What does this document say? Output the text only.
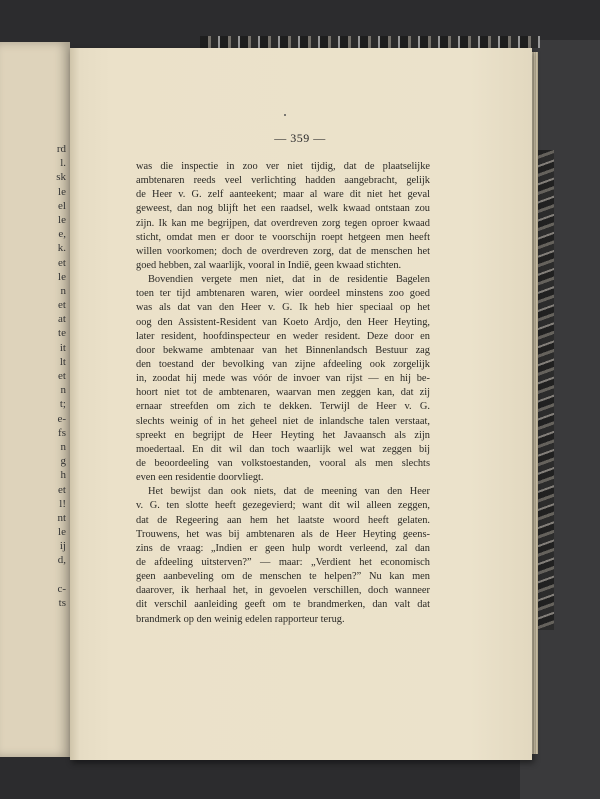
rd
l.
sk
le
el
le
e,
k.
et
le
n
et
at
te
it
lt
et
n
t;
e-
fs
n
g
h
et
l!
nt
le
ij
d,
c-
ts
— 359 —
was die inspectie in zoo ver niet tijdig, dat de plaatselijke
ambtenaren reeds veel verlichting hadden aangebracht, gelijk
de Heer v. G. zelf aanteekent; maar al ware dit niet het geval
geweest, dan nog blijft het een raadsel, welk kwaad ontstaan zou
zijn. Ik kan me begrijpen, dat overdreven zorg tegen oproer kwaad
sticht, omdat men er door te voorschijn roept hetgeen men heeft
willen voorkomen; doch de overdreven zorg, dat de menschen het
goed hebben, zal waarlijk, vooral in Indië, geen kwaad stichten.
Bovendien vergete men niet, dat in de residentie Bagelen
toen ter tijd ambtenaren waren, wier oordeel minstens zoo goed
was als dat van den Heer v. G. Ik heb hier speciaal op het
oog den Assistent-Resident van Koeto Ardjo, den Heer Heyting,
later resident, hoofdinspecteur en weder resident. Deze door en
door bekwame ambtenaar van het Binnenlandsch Bestuur zag
den toestand der bevolking van zijne afdeeling ook zorgelijk
in, zoodat hij mede was vóór de invoer van rijst — en hij be-
hoort niet tot de ambtenaren, waarvan men zeggen kan, dat zij
ernaar streefden om zich te dekken. Terwijl de Heer v. G.
slechts weinig of in het geheel niet de inlandsche talen verstaat,
spreekt en begrijpt de Heer Heyting het Javaansch als zijn
moedertaal. En dit wil dan toch waarlijk wel wat zeggen bij
de beoordeeling van volkstoestanden, vooral als men slechts
even een residentie doorvliegt.
Het bewijst dan ook niets, dat de meening van den Heer
v. G. ten slotte heeft gezegevierd; want dit wil alleen zeggen,
dat de Regeering aan hem het laatste woord heeft gelaten.
Trouwens, het was bij ambtenaren als de Heer Heyting geens-
zins de vraag: „Indien er geen hulp wordt verleend, zal dan
de afdeeling uitsterven?” — maar: „Verdient het economisch
geen aanbeveling om de menschen te helpen?” Nu kan men
daarover, ik herhaal het, in gevoelen verschillen, doch wanneer
dit verschil aanleiding geeft om te brandmerken, dan valt dat
brandmerk op den weinig edelen rapporteur terug.
